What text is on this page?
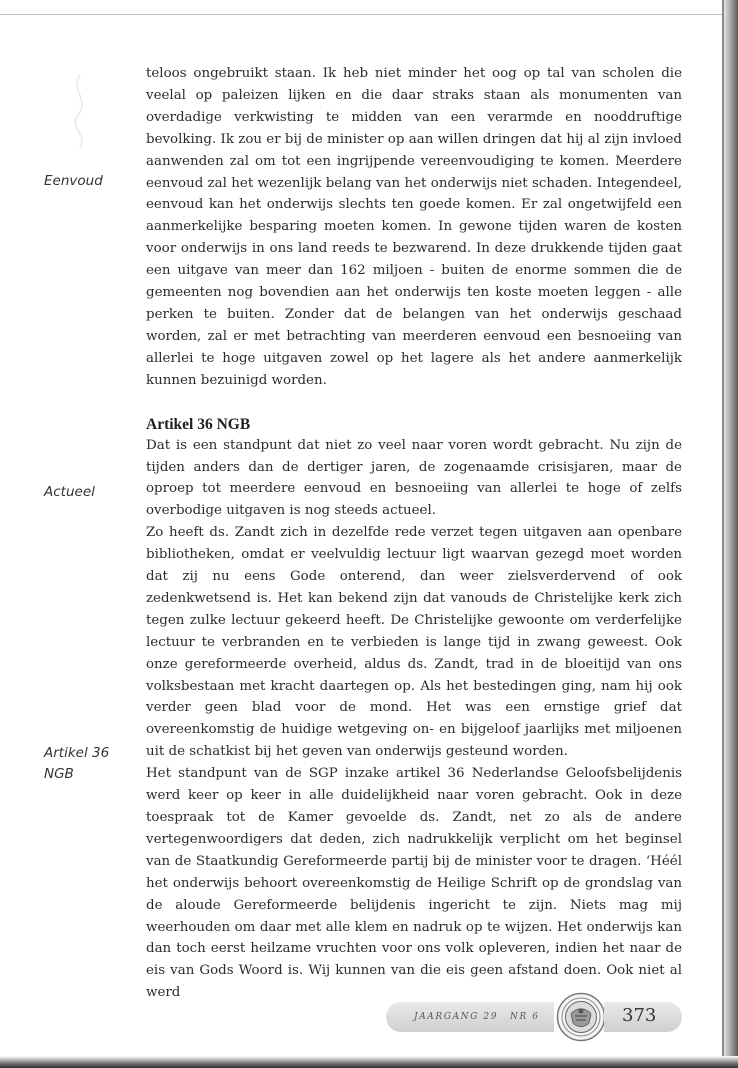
Eenvoud
Actueel
Artikel 36
NGB

teloos ongebruikt staan. Ik heb niet minder het oog op tal van scholen die veelal op paleizen lijken en die daar straks staan als monumenten van overdadige verkwisting te midden van een verarmde en nooddruftige bevolking. Ik zou er bij de minister op aan willen dringen dat hij al zijn invloed aanwenden zal om tot een ingrijpende vereenvoudiging te komen. Meerdere eenvoud zal het wezenlijk belang van het onderwijs niet schaden. Integendeel, eenvoud kan het onderwijs slechts ten goede komen. Er zal ongetwijfeld een aanmerkelijke besparing moeten komen. In gewone tijden waren de kosten voor onderwijs in ons land reeds te bezwarend. In deze drukkende tijden gaat een uitgave van meer dan 162 miljoen - buiten de enorme sommen die de gemeenten nog bovendien aan het onderwijs ten koste moeten leggen - alle perken te buiten. Zonder dat de belangen van het onderwijs geschaad worden, zal er met betrachting van meerderen eenvoud een besnoeiing van allerlei te hoge uitgaven zowel op het lagere als het andere aanmerkelijk kunnen bezuinigd worden.

Artikel 36 NGB

Dat is een standpunt dat niet zo veel naar voren wordt gebracht. Nu zijn de tijden anders dan de dertiger jaren, de zogenaamde crisisjaren, maar de oproep tot meerdere eenvoud en besnoeiing van allerlei te hoge of zelfs overbodige uitgaven is nog steeds actueel.

Zo heeft ds. Zandt zich in dezelfde rede verzet tegen uitgaven aan openbare bibliotheken, omdat er veelvuldig lectuur ligt waarvan gezegd moet worden dat zij nu eens Gode onterend, dan weer zielsverdervend of ook zedenkwetsend is. Het kan bekend zijn dat vanouds de Christelijke kerk zich tegen zulke lectuur gekeerd heeft. De Christelijke gewoonte om verderfelijke lectuur te verbranden en te verbieden is lange tijd in zwang geweest. Ook onze gereformeerde overheid, aldus ds. Zandt, trad in de bloeitijd van ons volksbestaan met kracht daartegen op. Als het bestedingen ging, nam hij ook verder geen blad voor de mond. Het was een ernstige grief dat overeenkomstig de huidige wetgeving on- en bijgeloof jaarlijks met miljoenen uit de schatkist bij het geven van onderwijs gesteund worden.

Het standpunt van de SGP inzake artikel 36 Nederlandse Geloofsbelijdenis werd keer op keer in alle duidelijkheid naar voren gebracht. Ook in deze toespraak tot de Kamer gevoelde ds. Zandt, net zo als de andere vertegenwoordigers dat deden, zich nadrukkelijk verplicht om het beginsel van de Staatkundig Gereformeerde partij bij de minister voor te dragen. ‘Héél het onderwijs behoort overeenkomstig de Heilige Schrift op de grondslag van de aloude Gereformeerde belijdenis ingericht te zijn. Niets mag mij weerhouden om daar met alle klem en nadruk op te wijzen. Het onderwijs kan dan toch eerst heilzame vruchten voor ons volk opleveren, indien het naar de eis van Gods Woord is. Wij kunnen van die eis geen afstand doen. Ook niet al werd

JAARGANG 29 NR 6	373
